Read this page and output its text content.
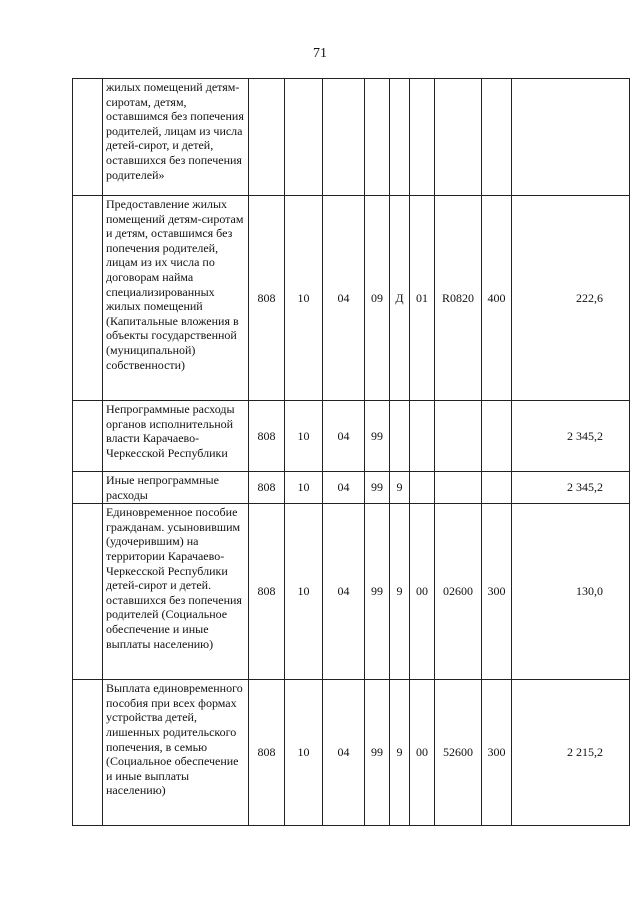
71
	жилых помещений детям-сиротам, детям, оставшимся без попечения родителей, лицам из числа детей-сирот, и детей, оставшихся без попечения родителей»									
	Предоставление жилых помещений детям-сиротам и детям, оставшимся без попечения родителей, лицам из их числа по договорам найма специализированных жилых помещений (Капитальные вложения в объекты государственной (муниципальной) собственности)	808	10	04	09	Д	01	R0820	400	222,6
	Непрограммные расходы органов исполнительной власти Карачаево-Черкесской Республики	808	10	04	99					2 345,2
	Иные непрограммные расходы	808	10	04	99	9				2 345,2
	Единовременное пособие гражданам. усыновившим (удочерившим) на территории Карачаево-Черкесской Республики детей-сирот и детей. оставшихся без попечения родителей (Социальное обеспечение и иные выплаты населению)	808	10	04	99	9	00	02600	300	130,0
	Выплата единовременного пособия при всех формах устройства детей, лишенных родительского попечения, в семью (Социальное обеспечение и иные выплаты населению)	808	10	04	99	9	00	52600	300	2 215,2
